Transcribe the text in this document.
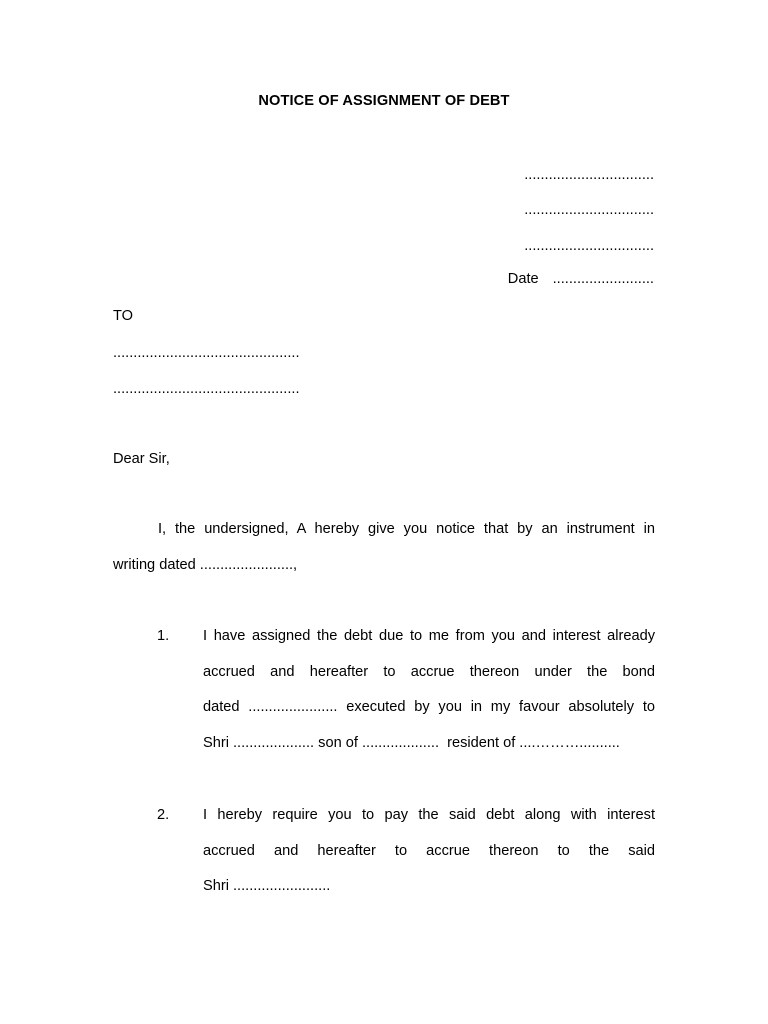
NOTICE OF ASSIGNMENT OF DEBT
................................
................................
................................
Date .........................
TO
..............................................
..............................................
Dear Sir,
I, the undersigned, A hereby give you notice that by an instrument in
writing dated .......................,
1. I have assigned the debt due to me from you and interest already
accrued and hereafter to accrue thereon under the bond
dated ...................... executed by you in my favour absolutely to
Shri .................... son of ...................  resident of ....………..........
2. I hereby require you to pay the said debt along with interest
accrued and hereafter to accrue thereon to the said
Shri ........................
